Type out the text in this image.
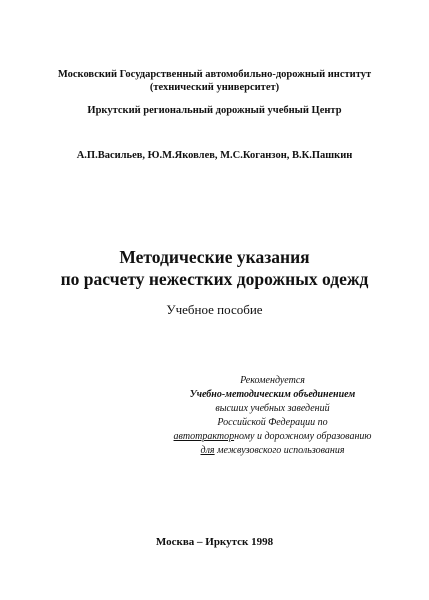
Московский Государственный автомобильно-дорожный институт
(технический университет)
Иркутский региональный дорожный учебный Центр
А.П.Васильев, Ю.М.Яковлев, М.С.Коганзон, В.К.Пашкин
Методические указания
по расчету нежестких дорожных одежд
Учебное пособие
Рекомендуется
Учебно-методическим объединением
высших учебных заведений
Российской Федерации по
автотракторному и дорожному образованию
для межвузовского использования
Москва – Иркутск 1998
